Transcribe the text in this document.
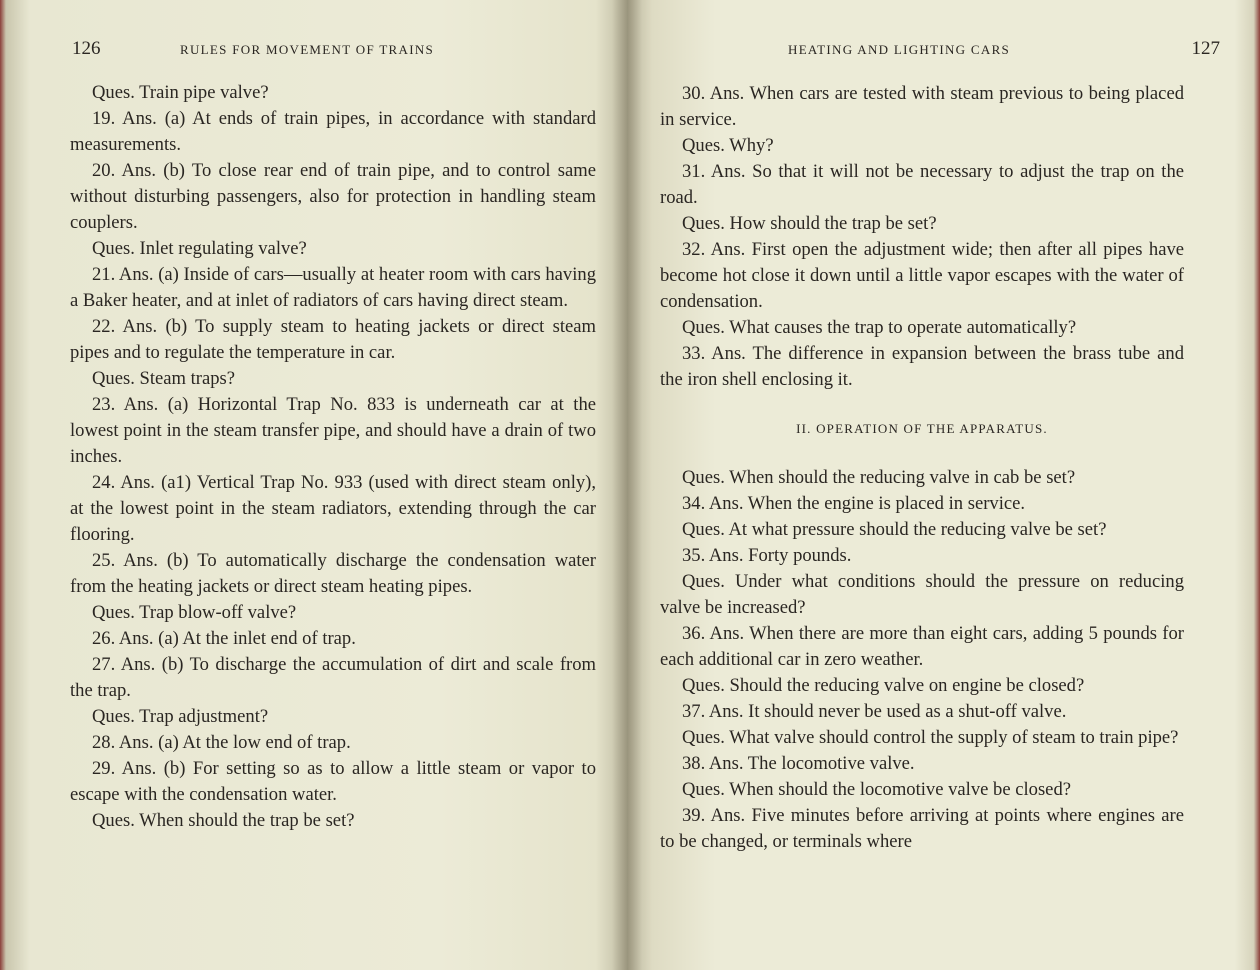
126	RULES FOR MOVEMENT OF TRAINS

Ques. Train pipe valve?

19. Ans. (a) At ends of train pipes, in accordance with standard measurements.

20. Ans. (b) To close rear end of train pipe, and to control same without disturbing passengers, also for protection in handling steam couplers.

Ques. Inlet regulating valve?

21. Ans. (a) Inside of cars—usually at heater room with cars having a Baker heater, and at inlet of radiators of cars having direct steam.

22. Ans. (b) To supply steam to heating jackets or direct steam pipes and to regulate the temperature in car.

Ques. Steam traps?

23. Ans. (a) Horizontal Trap No. 833 is underneath car at the lowest point in the steam transfer pipe, and should have a drain of two inches.

24. Ans. (a1) Vertical Trap No. 933 (used with direct steam only), at the lowest point in the steam radiators, extending through the car flooring.

25. Ans. (b) To automatically discharge the condensation water from the heating jackets or direct steam heating pipes.

Ques. Trap blow-off valve?

26. Ans. (a) At the inlet end of trap.

27. Ans. (b) To discharge the accumulation of dirt and scale from the trap.

Ques. Trap adjustment?

28. Ans. (a) At the low end of trap.

29. Ans. (b) For setting so as to allow a little steam or vapor to escape with the condensation water.

Ques. When should the trap be set?

HEATING AND LIGHTING CARS	127

30. Ans. When cars are tested with steam previous to being placed in service.

Ques. Why?

31. Ans. So that it will not be necessary to adjust the trap on the road.

Ques. How should the trap be set?

32. Ans. First open the adjustment wide; then after all pipes have become hot close it down until a little vapor escapes with the water of condensation.

Ques. What causes the trap to operate automatically?

33. Ans. The difference in expansion between the brass tube and the iron shell enclosing it.

II. OPERATION OF THE APPARATUS.

Ques. When should the reducing valve in cab be set?

34. Ans. When the engine is placed in service.

Ques. At what pressure should the reducing valve be set?

35. Ans. Forty pounds.

Ques. Under what conditions should the pressure on reducing valve be increased?

36. Ans. When there are more than eight cars, adding 5 pounds for each additional car in zero weather.

Ques. Should the reducing valve on engine be closed?

37. Ans. It should never be used as a shut-off valve.

Ques. What valve should control the supply of steam to train pipe?

38. Ans. The locomotive valve.

Ques. When should the locomotive valve be closed?

39. Ans. Five minutes before arriving at points where engines are to be changed, or terminals where
